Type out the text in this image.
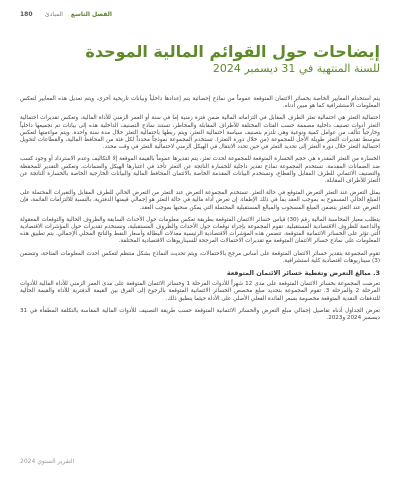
180	الفصل التاسع المبادئ
إيضاحات حول القوائم المالية الموحدة
للسنة المنتهية في 31 ديسمبر 2024

يتم استخدام المعايير الخاصة بخسائر الائتمان المتوقعة عموماً من نماذج إحصائية يتم إعدادها داخلياً وبيانات تاريخية أخرى، ويتم تعديل هذه المعايير لتعكس المعلومات الاستشرافية كما هو مبين أدناه.

احتمالية التعثر هي احتمالية تعثر الطرف المقابل في التزاماته المالية ضمن فترة زمنية إما في سنة أو العمر الزمني للأداة المالية، وتعكس تقديرات احتمالية التعثر أدوات تصنيف داخلية مصممة حسب الفئات المختلفة للأطراف المقابلة والمخاطر، تستند نماذج التصنيف الداخلية هذه إلى بيانات تم تجميعها داخلياً وخارجياً تتألف من عوامل كمية ونوعية وهي تلتزم بتصنيف سياسة احتمالية التعثر، ويتم ربطها باحتمالية التعثر خلال مدة سنة واحدة. ويتم مواءمتها لتعكس متوسط تقديرات التعثر طويلة الأجل للمجموعة (من خلال دورة التعثر). تستخدم المجموعة نموذجاً محدداً لكل فئة من المحافظ المالية، والقطاعات لتحويل احتمالية التعثر خلال دورة التعثر إلى تحديد التعثر في حين تحدد الانتقال في الهيكل الزمني لاحتمالية التعثر في وقت محدد.

الخسارة من التعثر المقدرة هي حجم الخسارة المتوقعة للمجموعة لحدث تعثر، يتم تقديرها عموماً بالقيمة الموقعة إلا التكاليف وعدم الاسترداد أو وجود كسب ضد الضمانات المقدمة. تستخدم المجموعة نماذج تقدير داخلية للخسارة الناتجة عن التعثر تأخذ في اعتبارها الهيكل والضمانات، وتعكس التقدير للمحفظة والتصنيف الائتماني للطرف المقابل والقطاع، وتستخدم البيانات المقدمة الخاصة بالائتمان المحافظ المالية والبيانات الخارجية الخاصة بالخسارة الناتجة عن التعثر للأطراف المقابلة.

يمثل التعرض عند التعثر التعرض المتوقع في حالة التعثر. تستخدم المجموعة التعرض عند التعثر من التعرض الحالي للطرف المقابل والتغيرات المحتملة على المبلغ الحالي المسموح به بموجب العقد بما في ذلك الإطفاء. إن تعرض أداة مالية في حالة التعثر هو إجمالي قيمتها الدفترية. بالنسبة للالتزامات القائمة، فإن التعرض عند التعثر يتضمن المبلغ المسحوب والمبالغ المستقبلية المحتملة التي يمكن سحبها بموجب العقد.

يتطلب معيار المحاسبة المالية رقم (30) قياس خسائر الائتمان المتوقعة بطريقة تعكس معلومات حول الأحداث السابقة والظروف الحالية والتوقعات المعقولة والداعمة للظروف الاقتصادية المستقبلية. تقوم المجموعة بإجراء توقعات حول الأحداث والظروف المستقبلية، وتستخدم تقديرات حول المؤشرات الاقتصادية التي تؤثر على الخسائر الائتمانية المتوقعة. تتضمن هذه المؤشرات الاقتصادية الرئيسية معدلات البطالة وأسعار النفط والناتج المحلي الإجمالي. يتم تطبيق هذه المعلومات على نماذج خسائر الائتمان المتوقعة مع تقديرات الاحتمالات المرجحة للسيناريوهات الاقتصادية المختلفة.

تقوم المجموعة بتقدير خسائر الائتمان المتوقعة على أساس مرجح بالاحتمالات، ويتم تحديث النماذج بشكل منتظم لتعكس أحدث المعلومات المتاحة، وتتضمن (3) سيناريوهات اقتصادية كلية استشرافية.

3. مبالغ التعرض وتغطية خسائر الائتمان المتوقعة

تعرضت المجموعة بخسائر الائتمان المتوقعة على مدى 12 شهراً للأدوات المرحلة 1 وخسائر الائتمان المتوقعة على مدى العمر الزمني للأداة المالية للأدوات المرحلة 2 والمرحلة 3. تقوم المجموعة بتحديد مبلغ مخصص الخسائر الائتمانية المتوقعة بالرجوع إلى الفرق بين القيمة الدفترية للأداة والقيمة الحالية للتدفقات النقدية المتوقعة مخصومة بسعر الفائدة الفعلي الأصلي على الأداة حيثما ينطبق ذلك.

تعرض الجداول أدناه تفاصيل إجمالي مبلغ التعرض والخسائر الائتمانية المتوقعة حسب طريقة التصنيف للأدوات المالية المقاسة بالتكلفة المطفأة في 31 ديسمبر 2024 و2023.

التقرير السنوي 2024
